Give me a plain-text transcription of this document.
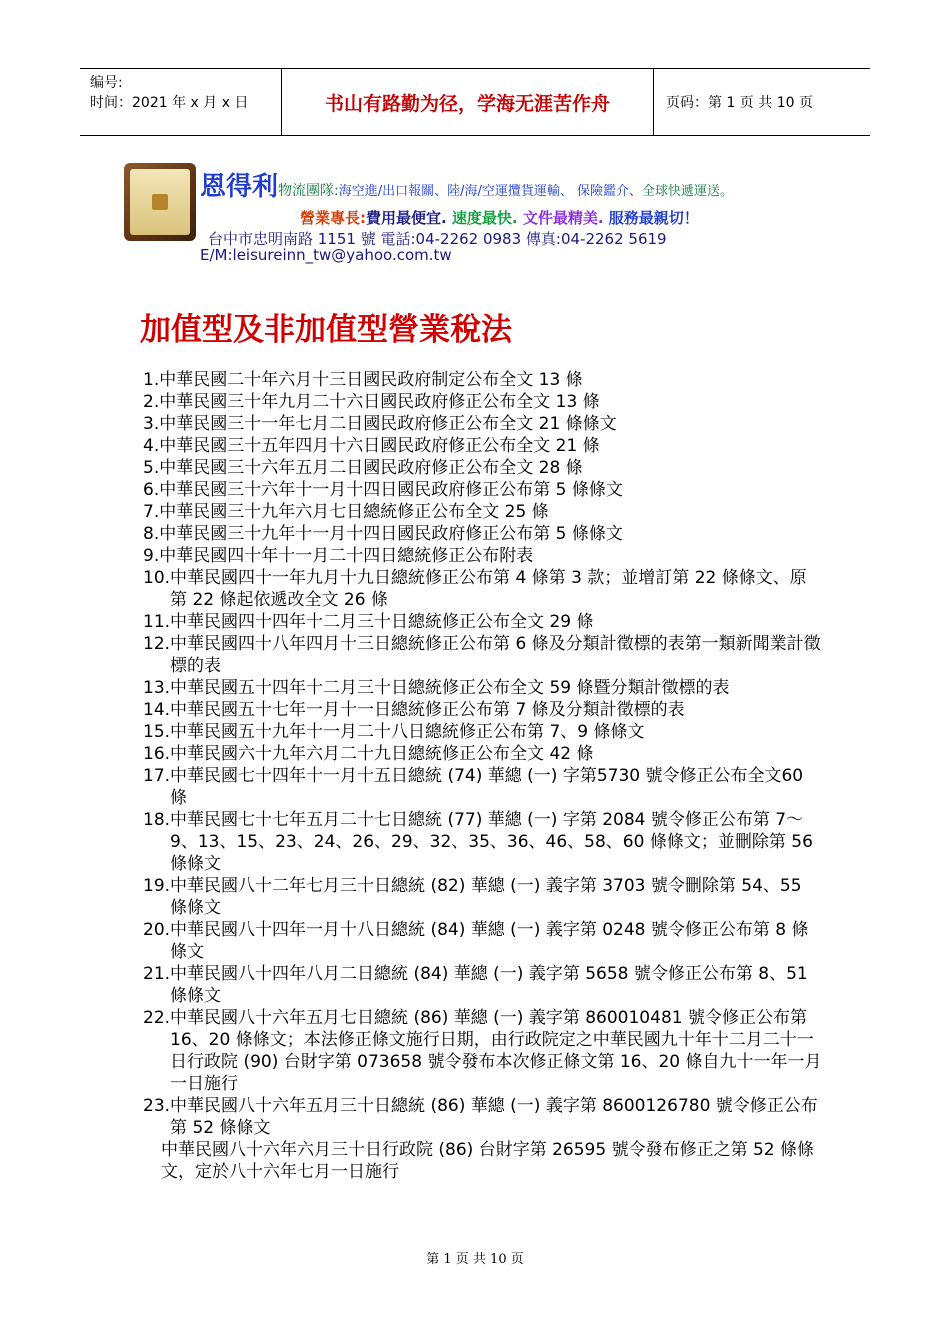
编号:
时间：2021 年 x 月 x 日	书山有路勤为径，学海无涯苦作舟	页码：第 1 页 共 10 页
恩得利物流團隊:海空進/出口報關、陸/海/空運攬貨運輸、 保險鑑介、全球快遞運送。
營業專長:費用最便宜. 速度最快. 文件最精美. 服務最親切！
台中市忠明南路 1151 號 電話:04-2262 0983 傳真:04-2262 5619
E/M:leisureinn_tw@yahoo.com.tw
加值型及非加值型營業稅法
1. 中華民國二十年六月十三日國民政府制定公布全文 13 條
2. 中華民國三十年九月二十六日國民政府修正公布全文 13 條
3. 中華民國三十一年七月二日國民政府修正公布全文 21 條條文
4. 中華民國三十五年四月十六日國民政府修正公布全文 21 條
5. 中華民國三十六年五月二日國民政府修正公布全文 28 條
6. 中華民國三十六年十一月十四日國民政府修正公布第 5 條條文
7. 中華民國三十九年六月七日總統修正公布全文 25 條
8. 中華民國三十九年十一月十四日國民政府修正公布第 5 條條文
9. 中華民國四十年十一月二十四日總統修正公布附表
10. 中華民國四十一年九月十九日總統修正公布第 4 條第 3 款；並增訂第 22 條條文、原第 22 條起依遞改全文 26 條
11. 中華民國四十四年十二月三十日總統修正公布全文 29 條
12. 中華民國四十八年四月十三日總統修正公布第 6 條及分類計徵標的表第一類新聞業計徵標的表
13. 中華民國五十四年十二月三十日總統修正公布全文 59 條暨分類計徵標的表
14. 中華民國五十七年一月十一日總統修正公布第 7 條及分類計徵標的表
15. 中華民國五十九年十一月二十八日總統修正公布第 7、9 條條文
16. 中華民國六十九年六月二十九日總統修正公布全文 42 條
17. 中華民國七十四年十一月十五日總統 (74) 華總 (一) 字第5730 號令修正公布全文60 條
18. 中華民國七十七年五月二十七日總統 (77) 華總 (一) 字第 2084 號令修正公布第 7～9、13、15、23、24、26、29、32、35、36、46、58、60 條條文；並刪除第 56 條條文
19. 中華民國八十二年七月三十日總統 (82) 華總 (一) 義字第 3703 號令刪除第 54、55 條條文
20. 中華民國八十四年一月十八日總統 (84) 華總 (一) 義字第 0248 號令修正公布第 8 條條文
21. 中華民國八十四年八月二日總統 (84) 華總 (一) 義字第 5658 號令修正公布第 8、51 條條文
22. 中華民國八十六年五月七日總統 (86) 華總 (一) 義字第 860010481 號令修正公布第 16、20 條條文；本法修正條文施行日期，由行政院定之中華民國九十年十二月二十一日行政院 (90) 台財字第 073658 號令發布本次修正條文第 16、20 條自九十一年一月一日施行
23. 中華民國八十六年五月三十日總統 (86) 華總 (一) 義字第 8600126780 號令修正公布第 52 條條文
中華民國八十六年六月三十日行政院 (86) 台財字第 26595 號令發布修正之第 52 條條文，定於八十六年七月一日施行
第 1 页 共 10 页
